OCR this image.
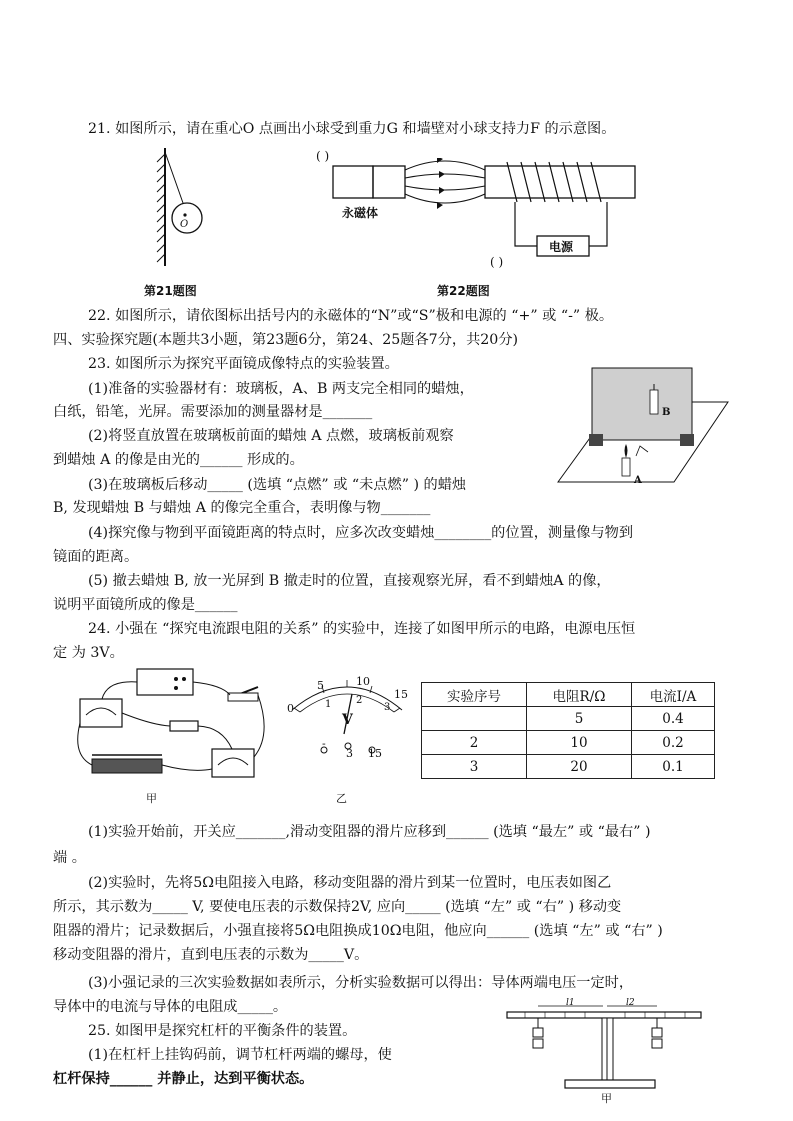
21. 如图所示，请在重心O 点画出小球受到重力G 和墙壁对小球支持力F 的示意图。
O
第21题图
( )
永磁体
电源
( )
第22题图
22. 如图所示，请依图标出括号内的永磁体的“N”或“S”极和电源的 “+” 或 “-” 极。
四、实验探究题(本题共3小题，第23题6分，第24、25题各7分，共20分)
23. 如图所示为探究平面镜成像特点的实验装置。
(1)准备的实验器材有：玻璃板，A、B 两支完全相同的蜡烛，
白纸，铅笔，光屏。需要添加的测量器材是_______
(2)将竖直放置在玻璃板前面的蜡烛 A 点燃，玻璃板前观察
到蜡烛 A 的像是由光的______ 形成的。
(3)在玻璃板后移动_____ (选填 “点燃” 或 “未点燃” ) 的蜡烛
B, 发现蜡烛 B 与蜡烛 A 的像完全重合，表明像与物_______
(4)探究像与物到平面镜距离的特点时，应多次改变蜡烛________的位置，测量像与物到
镜面的距离。
(5) 撤去蜡烛 B, 放一光屏到 B 撤走时的位置，直接观察光屏，看不到蜡烛A 的像，
说明平面镜所成的像是______
B
A
24. 小强在 “探究电流跟电阻的关系” 的实验中，连接了如图甲所示的电路，电源电压恒
定 为 3V。
甲
0
5	10
15
1 2
3
V
-
3 15
乙
实验序号	电阻R/Ω	电流I/A
	5	0.4
2	10	0.2
3	20	0.1
(1)实验开始前，开关应_______,滑动变阻器的滑片应移到______ (选填 “最左” 或 “最右” )
端 。
(2)实验时，先将5Ω电阻接入电路，移动变阻器的滑片到某一位置时，电压表如图乙
所示，其示数为_____ V, 要使电压表的示数保持2V, 应向_____ (选填 “左” 或 “右” ) 移动变
阻器的滑片；记录数据后，小强直接将5Ω电阻换成10Ω电阻，他应向______ (选填 “左” 或 “右” )
移动变阻器的滑片，直到电压表的示数为_____V。
(3)小强记录的三次实验数据如表所示，分析实验数据可以得出：导体两端电压一定时，
导体中的电流与导体的电阻成_____。
25. 如图甲是探究杠杆的平衡条件的装置。
(1)在杠杆上挂钩码前，调节杠杆两端的螺母，使
杠杆保持______ 并静止，达到平衡状态。
l1	l2
甲
